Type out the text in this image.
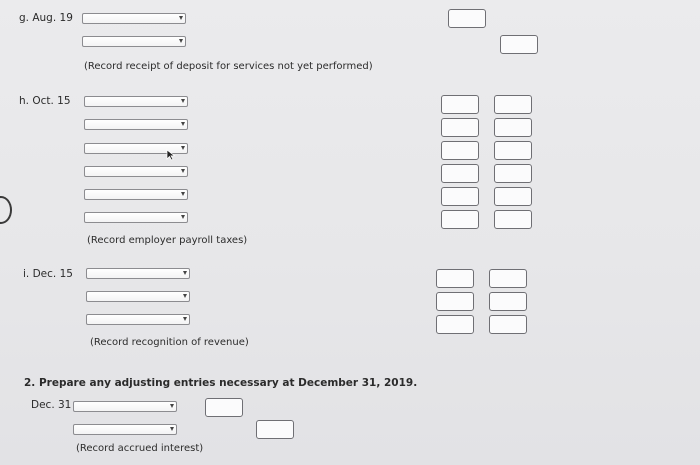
g. Aug. 19
(Record receipt of deposit for services not yet performed)
h. Oct. 15
(Record employer payroll taxes)
i. Dec. 15
(Record recognition of revenue)
2. Prepare any adjusting entries necessary at December 31, 2019.
Dec. 31
(Record accrued interest)
